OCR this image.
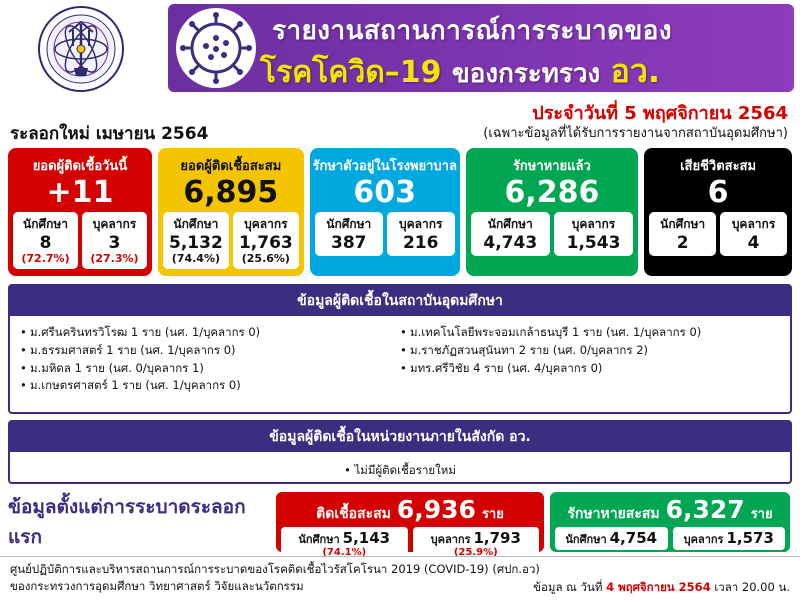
รายงานสถานการณ์การระบาดของ
โรคโควิด–19 ของกระทรวง อว.
ประจำวันที่ 5 พฤศจิกายน 2564
(เฉพาะข้อมูลที่ได้รับการรายงานจากสถาบันอุดมศึกษา)
ระลอกใหม่ เมษายน 2564
ยอดผู้ติดเชื้อวันนี้
+11
นักศึกษา
8
(72.7%)
บุคลากร
3
(27.3%)
ยอดผู้ติดเชื้อสะสม
6,895
นักศึกษา
5,132
(74.4%)
บุคลากร
1,763
(25.6%)
รักษาตัวอยู่ในโรงพยาบาล
603
นักศึกษา
387
บุคลากร
216
รักษาหายแล้ว
6,286
นักศึกษา
4,743
บุคลากร
1,543
เสียชีวิตสะสม
6
นักศึกษา
2
บุคลากร
4
ข้อมูลผู้ติดเชื้อในสถาบันอุดมศึกษา
• ม.ศรีนครินทรวิโรฒ 1 ราย (นศ. 1/บุคลากร 0)
• ม.ธรรมศาสตร์ 1 ราย (นศ. 1/บุคลากร 0)
• ม.มหิดล 1 ราย (นศ. 0/บุคลากร 1)
• ม.เกษตรศาสตร์ 1 ราย (นศ. 1/บุคลากร 0)
• ม.เทคโนโลยีพระจอมเกล้าธนบุรี 1 ราย (นศ. 1/บุคลากร 0)
• ม.ราชภัฏสวนสุนันทา 2 ราย (นศ. 0/บุคลากร 2)
• มทร.ศรีวิชัย 4 ราย (นศ. 4/บุคลากร 0)
ข้อมูลผู้ติดเชื้อในหน่วยงานภายในสังกัด อว.
• ไม่มีผู้ติดเชื้อรายใหม่
ข้อมูลตั้งแต่การระบาดระลอกแรก
ติดเชื้อสะสม 6,936 ราย
นักศึกษา 5,143
(74.1%)
บุคลากร 1,793
(25.9%)
รักษาหายสะสม 6,327 ราย
นักศึกษา 4,754	บุคลากร 1,573
ศูนย์ปฏิบัติการและบริหารสถานการณ์การระบาดของโรคติดเชื้อไวรัสโคโรนา 2019 (COVID-19) (ศปก.อว)
ของกระทรวงการอุดมศึกษา วิทยาศาสตร์ วิจัยและนวัตกรรม	ข้อมูล ณ วันที่ 4 พฤศจิกายน 2564 เวลา 20.00 น.
